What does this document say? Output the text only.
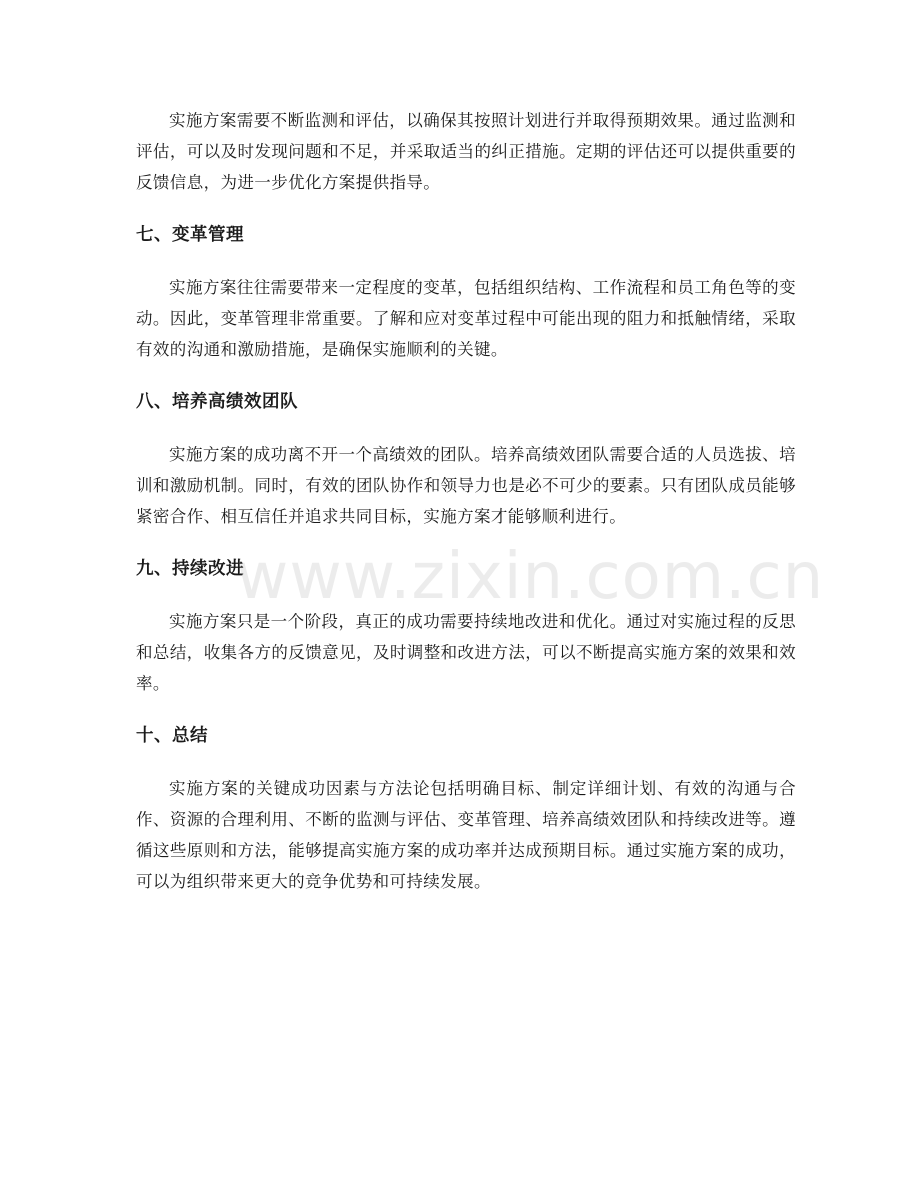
实施方案需要不断监测和评估，以确保其按照计划进行并取得预期效果。通过监测和评估，可以及时发现问题和不足，并采取适当的纠正措施。定期的评估还可以提供重要的反馈信息，为进一步优化方案提供指导。

七、变革管理

实施方案往往需要带来一定程度的变革，包括组织结构、工作流程和员工角色等的变动。因此，变革管理非常重要。了解和应对变革过程中可能出现的阻力和抵触情绪，采取有效的沟通和激励措施，是确保实施顺利的关键。

八、培养高绩效团队

实施方案的成功离不开一个高绩效的团队。培养高绩效团队需要合适的人员选拔、培训和激励机制。同时，有效的团队协作和领导力也是必不可少的要素。只有团队成员能够紧密合作、相互信任并追求共同目标，实施方案才能够顺利进行。

九、持续改进

实施方案只是一个阶段，真正的成功需要持续地改进和优化。通过对实施过程的反思和总结，收集各方的反馈意见，及时调整和改进方法，可以不断提高实施方案的效果和效率。

十、总结

实施方案的关键成功因素与方法论包括明确目标、制定详细计划、有效的沟通与合作、资源的合理利用、不断的监测与评估、变革管理、培养高绩效团队和持续改进等。遵循这些原则和方法，能够提高实施方案的成功率并达成预期目标。通过实施方案的成功，可以为组织带来更大的竞争优势和可持续发展。

www.zixin.com.cn
